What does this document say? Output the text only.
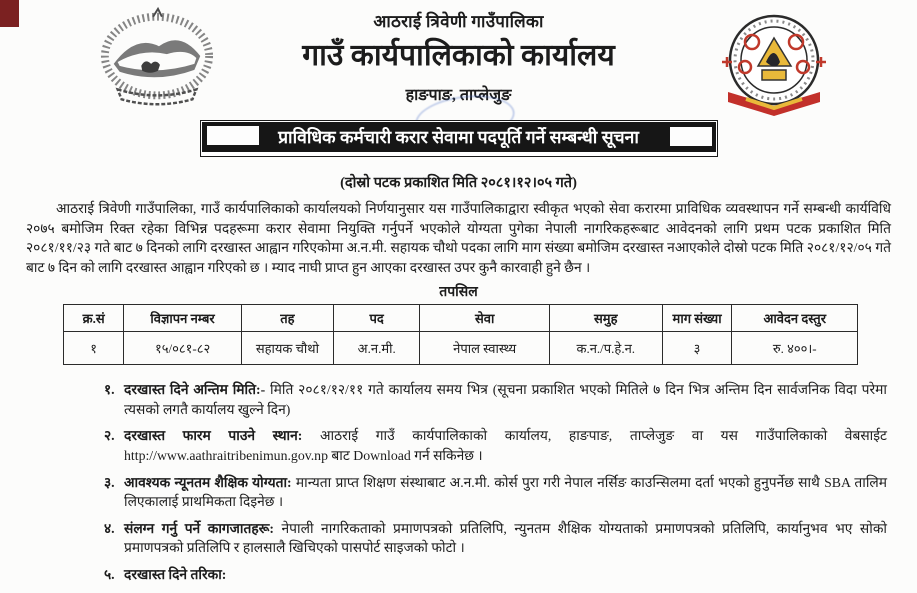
आठराई त्रिवेणी गाउँपालिका
गाउँ कार्यपालिकाको कार्यालय
हाङपाङ, ताप्लेजुङ
प्राविधिक कर्मचारी करार सेवामा पदपूर्ति गर्ने सम्बन्धी सूचना
(दोस्रो पटक प्रकाशित मिति २०८१।१२।०५ गते)
आठराई त्रिवेणी गाउँपालिका, गाउँ कार्यपालिकाको कार्यालयको निर्णयानुसार यस गाउँपालिकाद्वारा स्वीकृत भएको सेवा करारमा प्राविधिक व्यवस्थापन गर्ने सम्बन्धी कार्यविधि २०७५ बमोजिम रिक्त रहेका विभिन्न पदहरूमा करार सेवामा नियुक्ति गर्नुपर्ने भएकोले योग्यता पुगेका नेपाली नागरिकहरूबाट आवेदनको लागि प्रथम पटक प्रकाशित मिति २०८१/११/२३ गते बाट ७ दिनको लागि दरखास्त आह्वान गरिएकोमा अ.न.मी. सहायक चौथो पदका लागि माग संख्या बमोजिम दरखास्त नआएकोले दोस्रो पटक मिति २०८१/१२/०५ गते बाट ७ दिन को लागि दरखास्त आह्वान गरिएको छ । म्याद नाघी प्राप्त हुन आएका दरखास्त उपर कुनै कारवाही हुने छैन ।
तपसिल
क्र.सं	विज्ञापन नम्बर	तह	पद	सेवा	समुह	माग संख्या	आवेदन दस्तुर
१	१५/०८१-८२	सहायक चौथो	अ.न.मी.	नेपाल स्वास्थ्य	क.न./प.हे.न.	३	रु. ४००।-
१. दरखास्त दिने अन्तिम मिति:- मिति २०८१/१२/११ गते कार्यालय समय भित्र (सूचना प्रकाशित भएको मितिले ७ दिन भित्र अन्तिम दिन सार्वजनिक विदा परेमा त्यसको लगतै कार्यालय खुल्ने दिन)
२. दरखास्त फारम पाउने स्थान: आठराई गाउँ कार्यपालिकाको कार्यालय, हाङपाङ, ताप्लेजुङ वा यस गाउँपालिकाको वेबसाईट http://www.aathraitribenimun.gov.np बाट Download गर्न सकिनेछ ।
३. आवश्यक न्यूनतम शैक्षिक योग्यता: मान्यता प्राप्त शिक्षण संस्थाबाट अ.न.मी. कोर्स पुरा गरी नेपाल नर्सिङ काउन्सिलमा दर्ता भएको हुनुपर्नेछ साथै SBA तालिम लिएकालाई प्राथमिकता दिइनेछ ।
४. संलग्न गर्नु पर्ने कागजातहरू: नेपाली नागरिकताको प्रमाणपत्रको प्रतिलिपि, न्युनतम शैक्षिक योग्यताको प्रमाणपत्रको प्रतिलिपि, कार्यानुभव भए सोको प्रमाणपत्रको प्रतिलिपि र हालसालै खिचिएको पासपोर्ट साइजको फोटो ।
५. दरखास्त दिने तरिका:
